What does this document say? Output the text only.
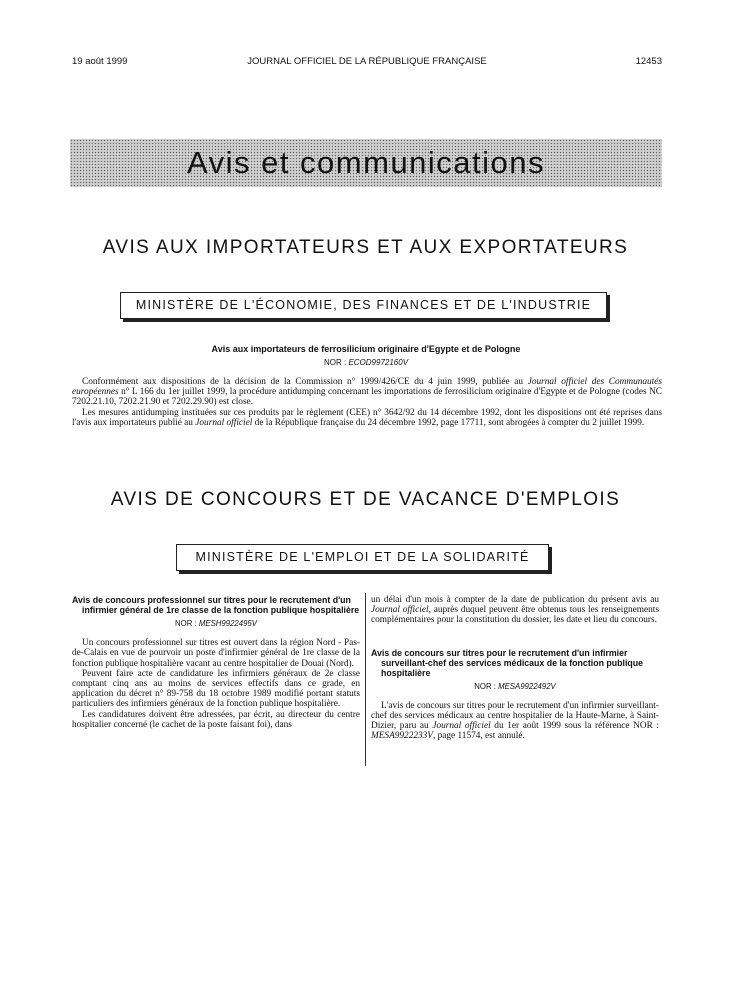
19 août 1999	JOURNAL OFFICIEL DE LA RÉPUBLIQUE FRANÇAISE	12453
Avis et communications
AVIS AUX IMPORTATEURS ET AUX EXPORTATEURS
MINISTÈRE DE L'ÉCONOMIE, DES FINANCES ET DE L'INDUSTRIE
Avis aux importateurs de ferrosilicium originaire d'Egypte et de Pologne
NOR : ECOD9972160V

Conformément aux dispositions de la décision de la Commission n° 1999/426/CE du 4 juin 1999, publiée au Journal officiel des Communautés européennes n° L 166 du 1er juillet 1999, la procédure antidumping concernant les importations de ferrosilicium originaire d'Egypte et de Pologne (codes NC 7202.21.10, 7202.21.90 et 7202.29.90) est close.

Les mesures antidumping instituées sur ces produits par le règlement (CEE) n° 3642/92 du 14 décembre 1992, dont les dispositions ont été reprises dans l'avis aux importateurs publié au Journal officiel de la République française du 24 décembre 1992, page 17711, sont abrogées à compter du 2 juillet 1999.

AVIS DE CONCOURS ET DE VACANCE D'EMPLOIS
MINISTÈRE DE L'EMPLOI ET DE LA SOLIDARITÉ
Avis de concours professionnel sur titres pour le recrutement d'un infirmier général de 1re classe de la fonction publique hospitalière
NOR : MESH9922495V

Un concours professionnel sur titres est ouvert dans la région Nord - Pas-de-Calais en vue de pourvoir un poste d'infirmier général de 1re classe de la fonction publique hospitalière vacant au centre hospitalier de Douai (Nord).

Peuvent faire acte de candidature les infirmiers généraux de 2e classe comptant cinq ans au moins de services effectifs dans ce grade, en application du décret n° 89-758 du 18 octobre 1989 modifié portant statuts particuliers des infirmiers généraux de la fonction publique hospitalière.

Les candidatures doivent être adressées, par écrit, au directeur du centre hospitalier concerné (le cachet de la poste faisant foi), dans

un délai d'un mois à compter de la date de publication du présent avis au Journal officiel, auprès duquel peuvent être obtenus tous les renseignements complémentaires pour la constitution du dossier, les date et lieu du concours.

Avis de concours sur titres pour le recrutement d'un infirmier surveillant-chef des services médicaux de la fonction publique hospitalière
NOR : MESA9922492V

L'avis de concours sur titres pour le recrutement d'un infirmier surveillant-chef des services médicaux au centre hospitalier de la Haute-Marne, à Saint-Dizier, paru au Journal officiel du 1er août 1999 sous la référence NOR : MESA9922233V, page 11574, est annulé.
